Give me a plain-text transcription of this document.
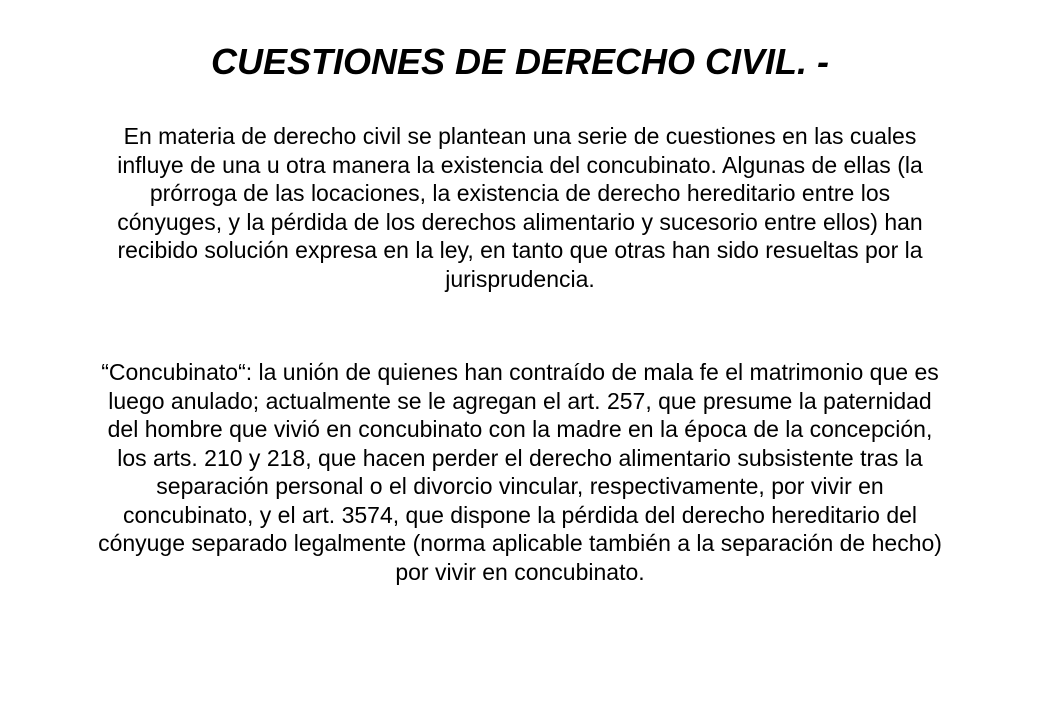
CUESTIONES DE DERECHO CIVIL. -

En materia de derecho civil se plantean una serie de cuestiones en las cuales influye de una u otra manera la existencia del concubinato. Algunas de ellas (la prórroga de las locaciones, la existencia de derecho hereditario entre los cónyuges, y la pérdida de los derechos alimentario y sucesorio entre ellos) han recibido solución expresa en la ley, en tanto que otras han sido resueltas por la jurisprudencia.

“Concubinato“: la unión de quienes han contraído de mala fe el matrimonio que es luego anulado; actualmente se le agregan el art. 257, que presume la paternidad del hombre que vivió en concubinato con la madre en la época de la concepción, los arts. 210 y 218, que hacen perder el derecho alimentario subsistente tras la separación personal o el divorcio vincular, respectivamente, por vivir en concubinato, y el art. 3574, que dispone la pérdida del derecho hereditario del cónyuge separado legalmente (norma aplicable también a la separación de hecho) por vivir en concubinato.
